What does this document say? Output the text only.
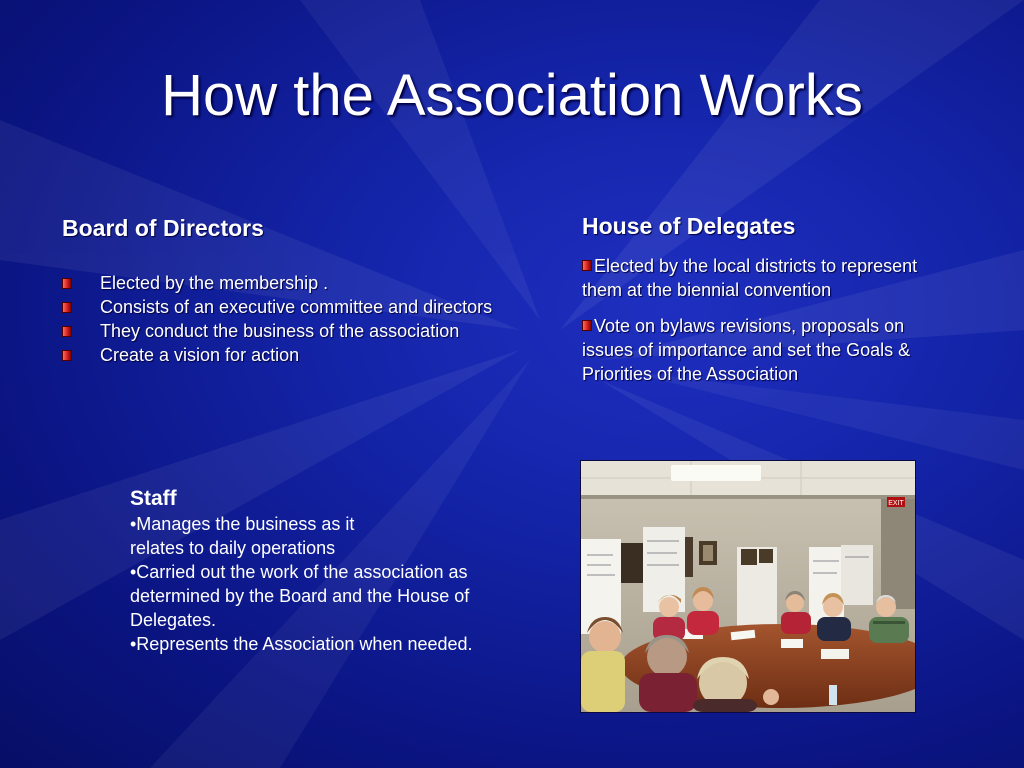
How the Association Works
Board of Directors
Elected by the membership .
Consists of an executive committee and directors
They conduct the business of the association
Create a vision for action
House of Delegates

Elected by the local districts to represent them at the biennial convention

Vote on bylaws revisions, proposals on issues of importance and set the Goals & Priorities of the Association

Staff

•Manages the business as it

relates to daily operations

•Carried out the work of the association as determined by the Board and the House of Delegates.

•Represents the Association when needed.

EXIT
